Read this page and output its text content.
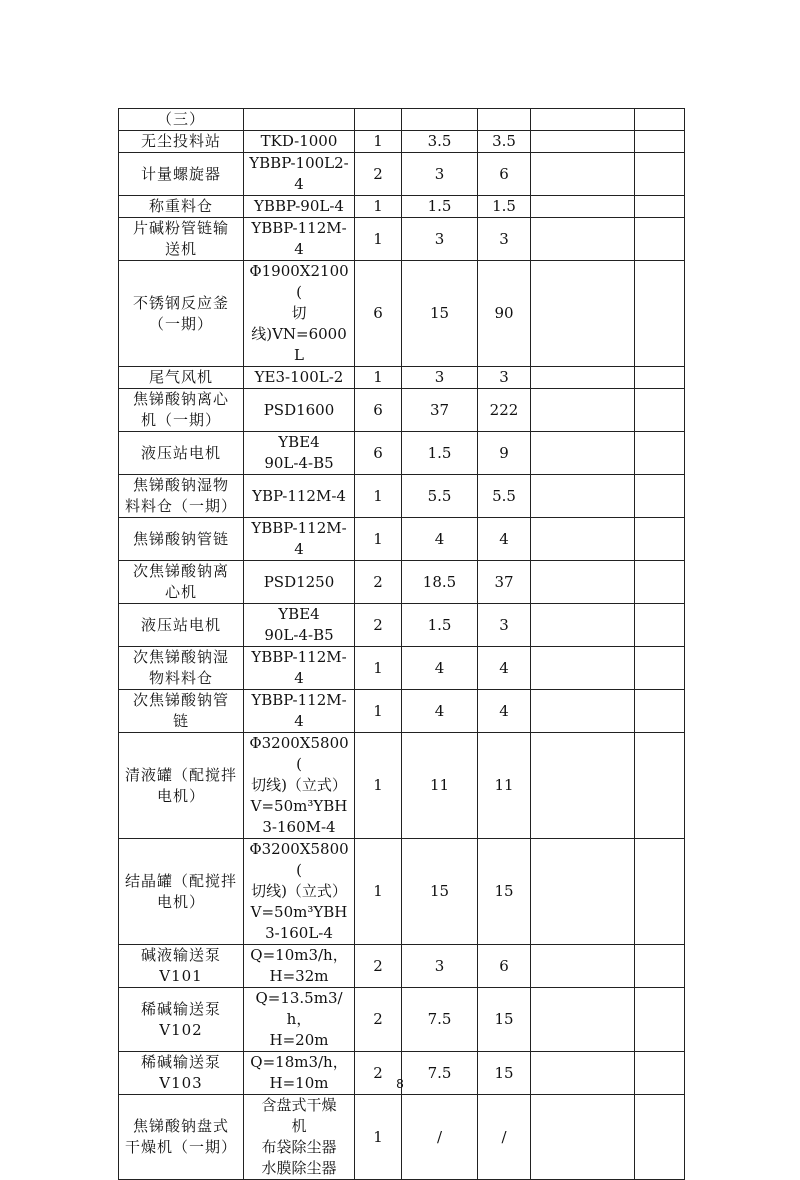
（三）						
无尘投料站	TKD-1000	1	3.5	3.5		
计量螺旋器	YBBP-100L2-
4	2	3	6		
称重料仓	YBBP-90L-4	1	1.5	1.5		
片碱粉管链输
送机	YBBP-112M-
4	1	3	3		
不锈钢反应釜
（一期）	Φ1900X2100(
切
线)VN=6000
L	6	15	90		
尾气风机	YE3-100L-2	1	3	3		
焦锑酸钠离心
机（一期）	PSD1600	6	37	222		
液压站电机	YBE4
90L-4-B5	6	1.5	9		
焦锑酸钠湿物
料料仓（一期）	YBP-112M-4	1	5.5	5.5		
焦锑酸钠管链	YBBP-112M-
4	1	4	4		
次焦锑酸钠离
心机	PSD1250	2	18.5	37		
液压站电机	YBE4
90L-4-B5	2	1.5	3		
次焦锑酸钠湿
物料料仓	YBBP-112M-
4	1	4	4		
次焦锑酸钠管
链	YBBP-112M-
4	1	4	4		
清液罐（配搅拌
电机）	Φ3200X5800(
切线)（立式）
V=50m³YBH
3-160M-4	1	11	11		
结晶罐（配搅拌
电机）	Φ3200X5800(
切线)（立式）
V=50m³YBH
3-160L-4	1	15	15		
碱液输送泵
V101	Q=10m3/h，
H=32m	2	3	6		
稀碱输送泵
V102	Q=13.5m3/h，
H=20m	2	7.5	15		
稀碱输送泵
V103	Q=18m3/h，
H=10m	2	7.5	15		
焦锑酸钠盘式
干燥机（一期）	含盘式干燥
机
布袋除尘器
水膜除尘器	1	/	/		
8
